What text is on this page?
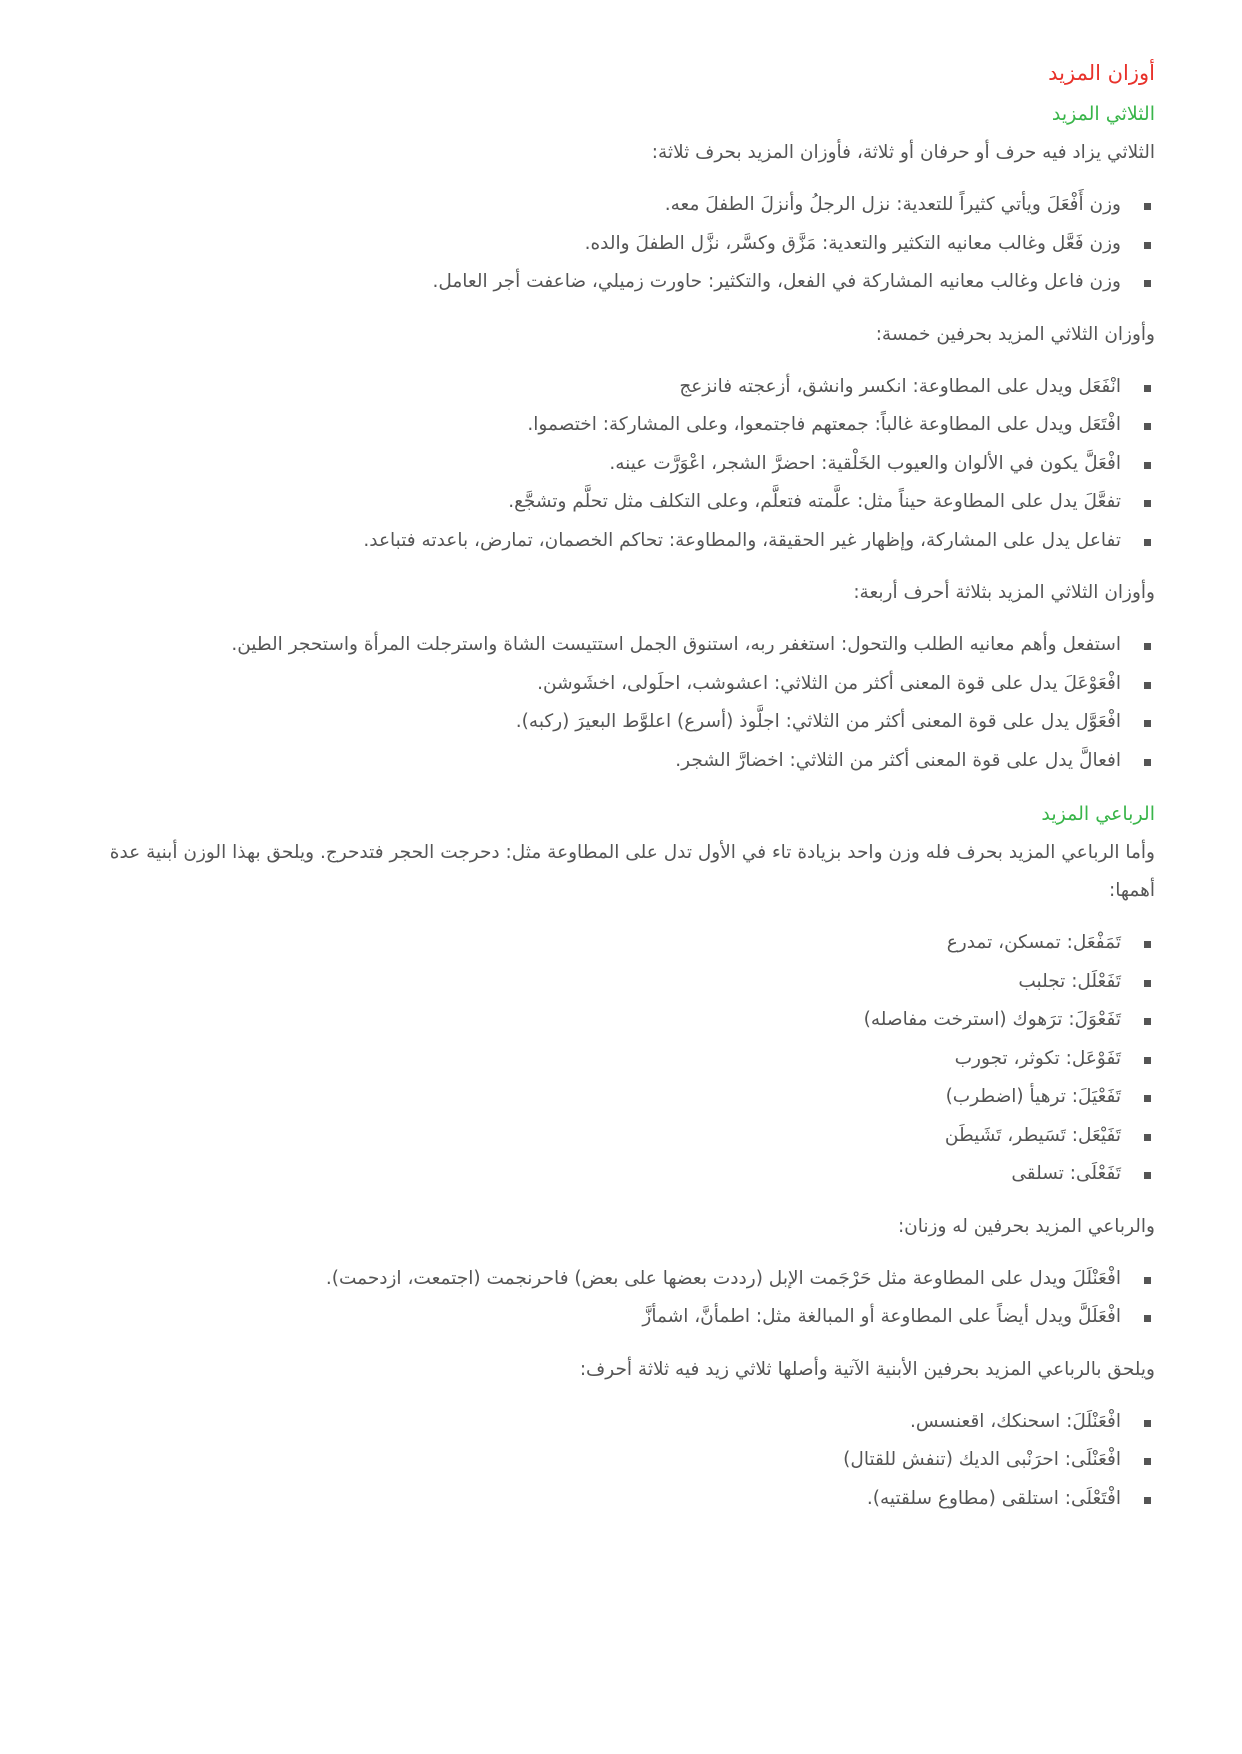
أوزان المزيد
الثلاثي المزيد

الثلاثي يزاد فيه حرف أو حرفان أو ثلاثة، فأوزان المزيد بحرف ثلاثة:

وزن أَفْعَلَ ويأتي كثيراً للتعدية: نزل الرجلُ وأنزلَ الطفلَ معه.
وزن فَعَّل وغالب معانيه التكثير والتعدية: مَزَّق وكسَّر، نزَّل الطفلَ والده.
وزن فاعل وغالب معانيه المشاركة في الفعل، والتكثير: حاورت زميلي، ضاعفت أجر العامل.

وأوزان الثلاثي المزيد بحرفين خمسة:

انْفَعَل ويدل على المطاوعة: انكسر وانشق، أزعجته فانزعج
افْتَعَل ويدل على المطاوعة غالباً: جمعتهم فاجتمعوا، وعلى المشاركة: اختصموا.
افْعَلَّ يكون في الألوان والعيوب الخَلْقية: احضرَّ الشجر، اعْوَرَّت عينه.
تفعَّلَ يدل على المطاوعة حيناً مثل: علَّمته فتعلَّم، وعلى التكلف مثل تحلَّم وتشجَّع.
تفاعل يدل على المشاركة، وإظهار غير الحقيقة، والمطاوعة: تحاكم الخصمان، تمارض، باعدته فتباعد.

وأوزان الثلاثي المزيد بثلاثة أحرف أربعة:

استفعل وأهم معانيه الطلب والتحول: استغفر ربه، استنوق الجمل استتيست الشاة واسترجلت المرأة واستحجر الطين.
افْعَوْعَلَ يدل على قوة المعنى أكثر من الثلاثي: اعشوشب، احلَولى، اخشَوشن.
افْعَوَّل يدل على قوة المعنى أكثر من الثلاثي: اجلَّوذ (أسرع) اعلوَّط البعيرَ (ركبه).
افعالَّ يدل على قوة المعنى أكثر من الثلاثي: اخضارَّ الشجر.
الرباعي المزيد

وأما الرباعي المزيد بحرف فله وزن واحد بزيادة تاء في الأول تدل على المطاوعة مثل: دحرجت الحجر فتدحرج. ويلحق بهذا الوزن أبنية عدة أهمها:

تَمَفْعَل: تمسكن، تمدرع
تَفَعْلَل: تجلبب
تَفَعْوَلَ: ترَهوك (استرخت مفاصله)
تَفَوْعَل: تكوثر، تجورب
تَفَعْيَلَ: ترهيأ (اضطرب)
تَفَيْعَل: تَسَيطر، تَشَيطَن
تَفَعْلَى: تسلقى

والرباعي المزيد بحرفين له وزنان:

افْعَنْلَلَ ويدل على المطاوعة مثل حَرْجَمت الإبل (رددت بعضها على بعض) فاحرنجمت (اجتمعت، ازدحمت).
افْعَلَلَّ ويدل أيضاً على المطاوعة أو المبالغة مثل: اطمأنَّ، اشمأزَّ

ويلحق بالرباعي المزيد بحرفين الأبنية الآتية وأصلها ثلاثي زيد فيه ثلاثة أحرف:

افْعَنْلَلَ: اسحنكك، اقعنسس.
افْعَنْلَى: احرَنْبى الديك (تنفش للقتال)
افْتَعْلَى: استلقى (مطاوع سلقتيه).
